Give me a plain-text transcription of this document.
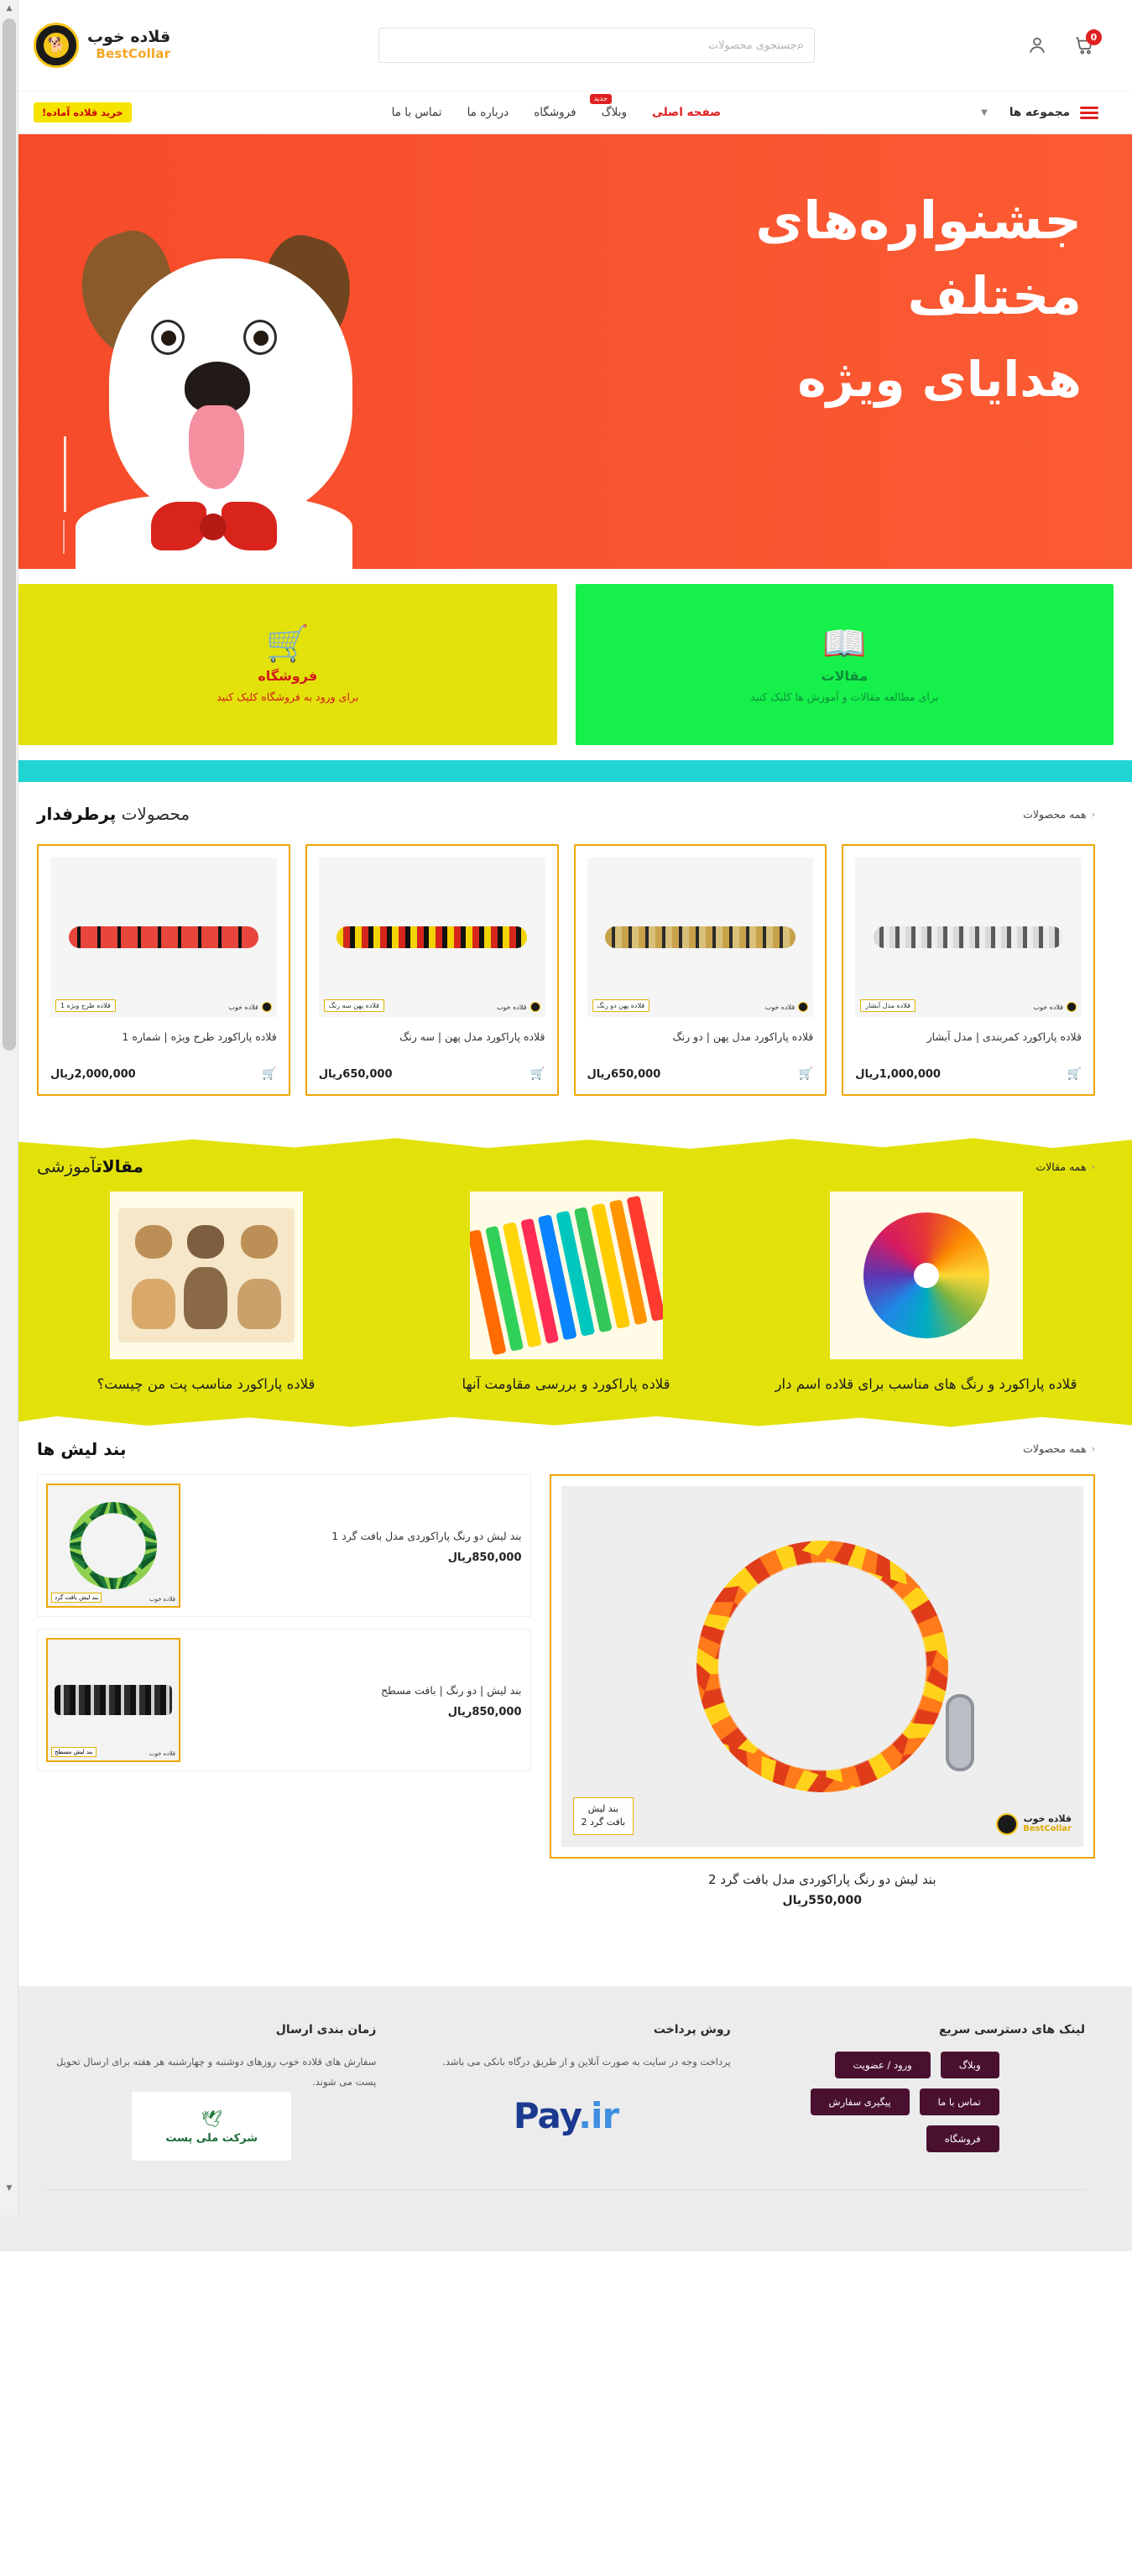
▲
▼
0
⌕
جستجوی محصولات
قلاده خوب
BestCollar
🐕
مجموعه ها
▼
صفحه اصلی
وبلاگ
جدید
فروشگاه
درباره ما
تماس با ما
خرید قلاده آماده!
جشنواره‌های
مختلف
هدایای ویژه
📖
مقالات
برای مطالعه مقالات و آموزش ها کلیک کنید
🛒
فروشگاه
برای ورود به فروشگاه کلیک کنید
‹
همه محصولات
محصولات پرطرفدار
قلاده خوب
قلاده مدل آبشار
قلاده پاراکورد کمربندی | مدل آبشار
🛒
1,000,000ریال
قلاده خوب
قلاده پهن دو رنگ
قلاده پاراکورد مدل پهن | دو رنگ
🛒
650,000ریال
قلاده خوب
قلاده پهن سه رنگ
قلاده پاراکورد مدل پهن | سه رنگ
🛒
650,000ریال
قلاده خوب
قلاده طرح ویژه 1
قلاده پاراکورد طرح ویژه | شماره 1
🛒
2,000,000ریال
‹
همه مقالات
مقالاتآموزشی
قلاده پاراکورد و رنگ های مناسب برای قلاده اسم دار
قلاده پاراکورد و بررسی مقاومت آنها
قلاده پاراکورد مناسب پت من چیست؟
‹
همه محصولات
بند لیش ها
بند لیش
بافت گرد 2	قلاده خوب
BestCollar
بند لیش دو رنگ پاراکوردی مدل بافت گرد 2
550,000ریال
بند لیش دو رنگ پاراکوردی مدل بافت گرد 1
850,000ریال
بند لیش بافت گرد	قلاده خوب
بند لیش | دو رنگ | بافت مسطح
850,000ریال
بند لیش مسطح	قلاده خوب
لینک های دسترسی سریع
وبلاگ
ورود / عضویت
تماس با ما
پیگیری سفارش
فروشگاه
روش پرداخت

پرداخت وجه در سایت به صورت آنلاین و از طریق درگاه بانکی می باشد.

Pay.ir
زمان بندی ارسال

سفارش های قلاده خوب روزهای دوشنبه و چهارشنبه هر هفته برای ارسال تحویل پست می شوند.

🕊
شرکت ملی پست
